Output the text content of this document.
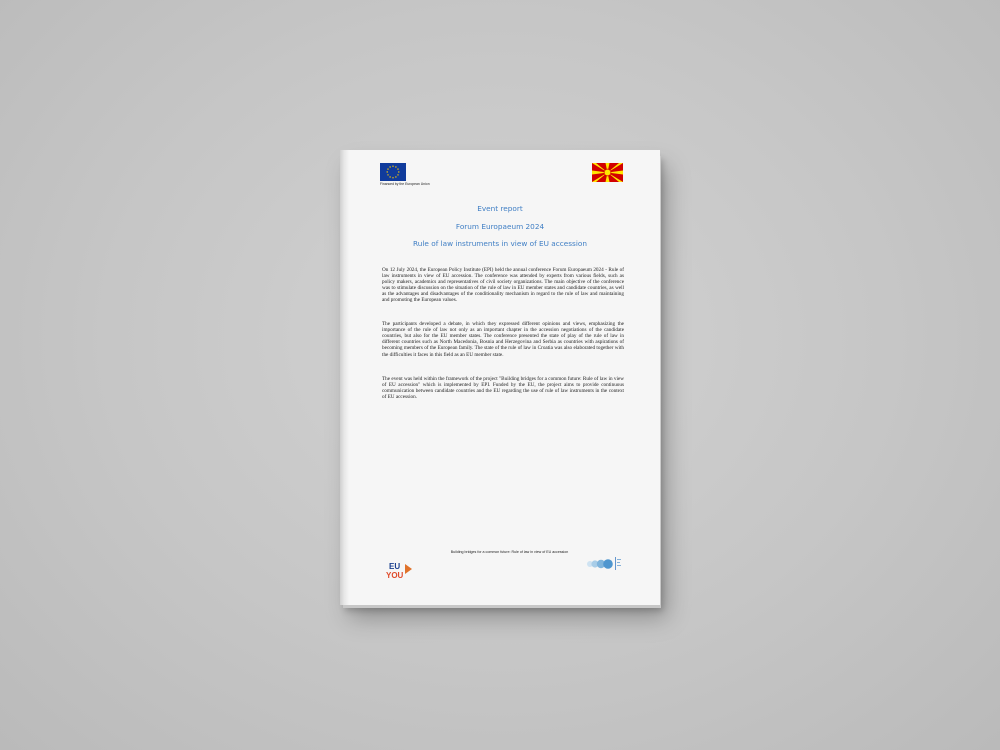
Financed by the European Union
Event report
Forum Europaeum 2024
Rule of law instruments in view of EU accession

On 12 July 2024, the European Policy Institute (EPI) held the annual conference Forum Europaeum 2024 - Rule of law instruments in view of EU accession. The conference was attended by experts from various fields, such as policy makers, academics and representatives of civil society organizations. The main objective of the conference was to stimulate discussion on the situation of the rule of law in EU member states and candidate countries, as well as the advantages and disadvantages of the conditionality mechanism in regard to the rule of law and maintaining and promoting the European values.

The participants developed a debate, in which they expressed different opinions and views, emphasizing the importance of the rule of law not only as an important chapter in the accession negotiations of the candidate countries, but also for the EU member states. The conference presented the state of play of the rule of law in different countries such as North Macedonia, Bosnia and Herzegovina and Serbia as countries with aspirations of becoming members of the European family. The state of the rule of law in Croatia was also elaborated together with the difficulties it faces in this field as an EU member state.

The event was held within the framework of the project "Building bridges for a common future: Rule of law in view of EU accession" which is implemented by EPI. Funded by the EU, the project aims to provide continuous communication between candidate countries and the EU regarding the use of rule of law instruments in the context of EU accession.

Building bridges for a common future: Rule of law in view of EU accession
EU
YOU
